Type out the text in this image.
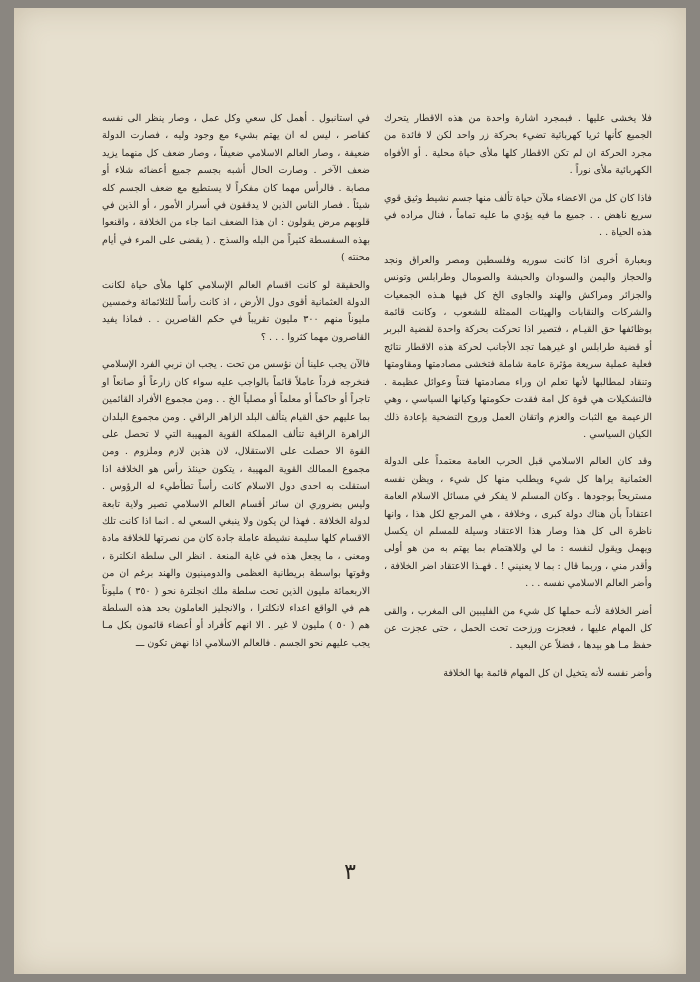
فلا يخشى عليها . فبمجرد اشارة واحدة من هذه الاقطار يتحرك الجميع كأنها ثريا كهربائية تضيء بحركة زر واحد لكن لا فائدة من مجرد الحركة ان لم تكن الاقطار كلها ملأى حياة محلية . أو الأفواه الكهربائية ملأى نوراً .

فاذا كان كل من الاعضاء ملآن حياة تألف منها جسم نشيط وثيق قوي سريع ناهض . . جميع ما فيه يؤدي ما عليه تماماً ، فنال مراده في هذه الحياة . .

وبعبارة أخرى اذا كانت سوريه وفلسطين ومصر والعراق ونجد والحجاز واليمن والسودان والحبشة والصومال وطرابلس وتونس والجزائر ومراكش والهند والجاوى الخ كل فيها هـذه الجمعيات والشركات والنقابات والهيئات الممثلة للشعوب ، وكانت قائمة بوظائفها حق القيـام ، فتصير اذا تحركت بحركة واحدة لقضية البربر أو قضية طرابلس او غيرهما تجد الأجانب لحركة هذه الاقطار نتائج فعلية عملية سريعة مؤثرة عامة شاملة فتخشى مصادمتها ومقاومتها وتنقاد لمطالبها لأنها تعلم ان وراء مصادمتها فتناً وعوائل عظيمة . فالتشكيلات هي قوة كل امة فقدت حكومتها وكيانها السياسي ، وهي الزعيمة مع الثبات والعزم واتقان العمل وروح التضحية بإعادة ذلك الكيان السياسي .

وقد كان العالم الاسلامي قبل الحرب العامة معتمداً على الدولة العثمانية يراها كل شيء ويطلب منها كل شيء ، ويظن نفسه مستريحاً بوجودها . وكان المسلم لا يفكر في مسائل الاسلام العامة اعتقاداً بأن هناك دولة كبرى ، وخلافة ، هي المرجع لكل هذا ، وانها ناظرة الى كل هذا وصار هذا الاعتقاد وسيلة للمسلم ان يكسل ويهمل ويقول لنفسه : ما لي وللاهتمام بما يهتم به من هو أولى وأقدر مني ، وربما قال : بما لا يعنيني ! . فهـذا الاعتقاد اضر الخلافة ، وأضر العالم الاسلامي نفسه . . .

أضر الخلافة لأنـه حملها كل شيء من الفليبين الى المغرب ، والقى كل المهام عليها ، فعجزت ورزحت تحت الحمل ، حتى عجزت عن حفظ مـا هو بيدها ، فضلاً عن البعيد .

وأضر نفسه لأنه يتخيل ان كل المهام قائمة بها الخلافة

في استانبول . أهمل كل سعي وكل عمل ، وصار ينظر الى نفسه كقاصر ، ليس له ان يهتم بشيء مع وجود وليه ، فصارت الدولة ضعيفة ، وصار العالم الاسلامي ضعيفاً ، وصار ضعف كل منهما يزيد ضعف الآخر . وصارت الحال أشبه بجسم جميع أعضائه شلاء أو مصابة . فالرأس مهما كان مفكراً لا يستطيع مع ضعف الجسم كله شيئاً . فصار الناس الذين لا يدققون في أسرار الأمور ، أو الذين في قلوبهم مرض يقولون : ان هذا الضعف انما جاء من الخلافة ، واقنعوا بهذه السفسطة كثيراً من البله والسذج . ( يقضى على المرء في أيام محنته )

والحقيقة لو كانت اقسام العالم الإسلامي كلها ملأى حياة لكانت الدولة العثمانية أقوى دول الأرض ، اذ كانت رأساً للثلاثمائة وخمسين مليوناً منهم ٣٠٠ مليون تقريباً في حكم القاصرين . . فماذا يفيد القاصرون مهما كثروا . . . ؟

فالآن يجب علينا أن نؤسس من تحت . يجب ان نربي الفرد الإسلامي فنخرجه فرداً عاملاً قائماً بالواجب عليه سواء كان زارعاً أو صانعاً او تاجراً أو حاكماً أو معلماً أو مصلياً الخ . . ومن مجموع الأفراد القائمين بما عليهم حق القيام يتألف البلد الزاهر الراقي . ومن مجموع البلدان الزاهرة الراقية تتألف المملكة القوية المهيبة التي لا تحصل على القوة الا حصلت على الاستقلال، لان هذين لازم وملزوم . ومن مجموع الممالك القوية المهيبة ، يتكون حينئذ رأس هو الخلافة اذا استقلت به احدى دول الاسلام كانت رأساً تطأطيء له الرؤوس . وليس بضروري ان سائر أقسام العالم الاسلامي تصير ولاية تابعة لدولة الخلافة . فهذا لن يكون ولا ينبغي السعي له . انما اذا كانت تلك الاقسام كلها سليمة نشيطة عاملة جادة كان من نصرتها للخلافة مادة ومعنى ، ما يجعل هذه في غاية المنعة . انظر الى سلطة انكلترة ، وقوتها بواسطة بريطانية العظمى والدومينيون والهند برغم ان من الاربعمائة مليون الذين تحت سلطة ملك انجلترة نحو ( ٣٥٠ ) مليوناً هم في الواقع اعداء لانكلترا ، والانجليز العاملون بحد هذه السلطة هم ( ٥٠ ) مليون لا غير . الا انهم كأفراد أو أعضاء قائمون بكل مـا يجب عليهم نحو الجسم . فالعالم الاسلامي اذا نهض تكون ـــ

٣
